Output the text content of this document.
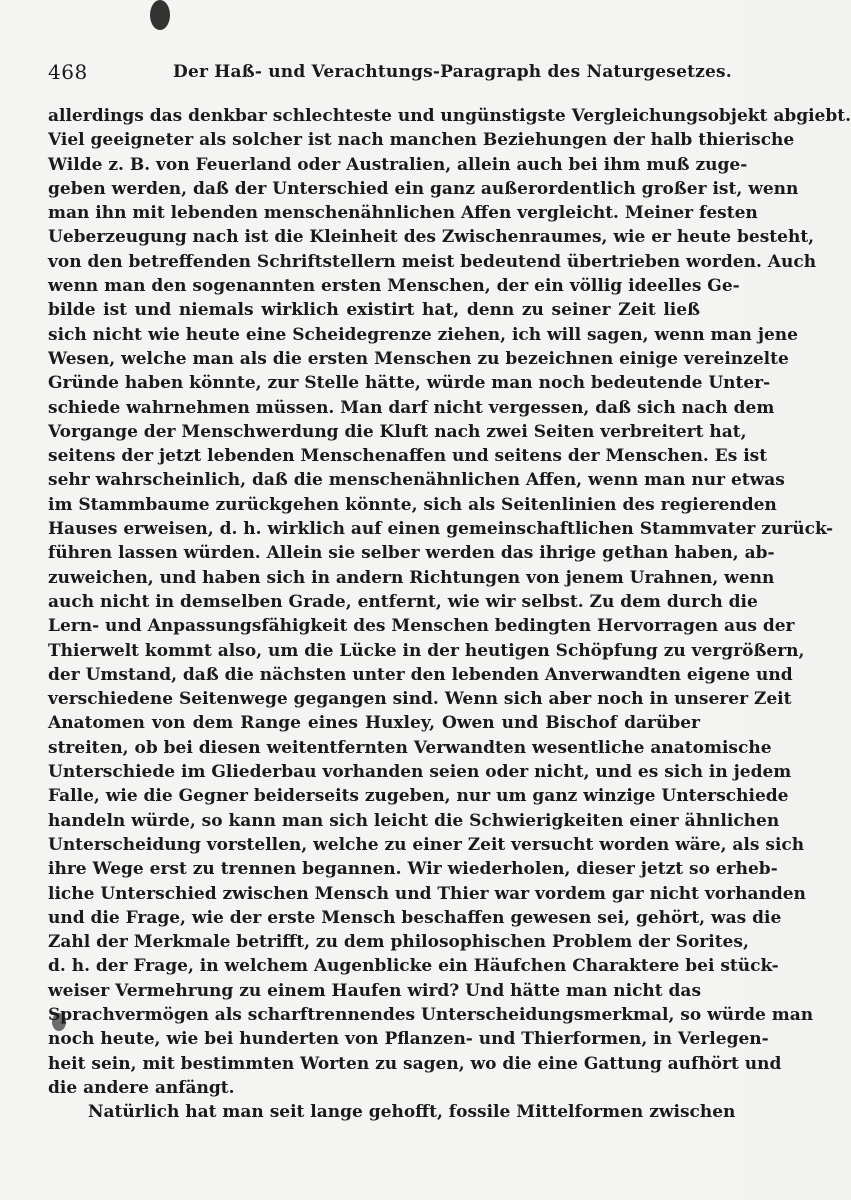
468	Der Haß- und Verachtungs-Paragraph des Naturgesetzes.
allerdings das denkbar schlechteste und ungünstigste Vergleichungsobjekt abgiebt.
Viel geeigneter als solcher ist nach manchen Beziehungen der halb thierische
Wilde z. B. von Feuerland oder Australien, allein auch bei ihm muß zuge-
geben werden, daß der Unterschied ein ganz außerordentlich großer ist, wenn
man ihn mit lebenden menschenähnlichen Affen vergleicht. Meiner festen
Ueberzeugung nach ist die Kleinheit des Zwischenraumes, wie er heute besteht,
von den betreffenden Schriftstellern meist bedeutend übertrieben worden. Auch
wenn man den sogenannten ersten Menschen, der ein völlig ideelles Ge-
bilde ist und niemals wirklich existirt hat, denn zu seiner Zeit ließ
sich nicht wie heute eine Scheidegrenze ziehen, ich will sagen, wenn man jene
Wesen, welche man als die ersten Menschen zu bezeichnen einige vereinzelte
Gründe haben könnte, zur Stelle hätte, würde man noch bedeutende Unter-
schiede wahrnehmen müssen. Man darf nicht vergessen, daß sich nach dem
Vorgange der Menschwerdung die Kluft nach zwei Seiten verbreitert hat,
seitens der jetzt lebenden Menschenaffen und seitens der Menschen. Es ist
sehr wahrscheinlich, daß die menschenähnlichen Affen, wenn man nur etwas
im Stammbaume zurückgehen könnte, sich als Seitenlinien des regierenden
Hauses erweisen, d. h. wirklich auf einen gemeinschaftlichen Stammvater zurück-
führen lassen würden. Allein sie selber werden das ihrige gethan haben, ab-
zuweichen, und haben sich in andern Richtungen von jenem Urahnen, wenn
auch nicht in demselben Grade, entfernt, wie wir selbst. Zu dem durch die
Lern- und Anpassungsfähigkeit des Menschen bedingten Hervorragen aus der
Thierwelt kommt also, um die Lücke in der heutigen Schöpfung zu vergrößern,
der Umstand, daß die nächsten unter den lebenden Anverwandten eigene und
verschiedene Seitenwege gegangen sind. Wenn sich aber noch in unserer Zeit
Anatomen von dem Range eines Huxley, Owen und Bischof darüber
streiten, ob bei diesen weitentfernten Verwandten wesentliche anatomische
Unterschiede im Gliederbau vorhanden seien oder nicht, und es sich in jedem
Falle, wie die Gegner beiderseits zugeben, nur um ganz winzige Unterschiede
handeln würde, so kann man sich leicht die Schwierigkeiten einer ähnlichen
Unterscheidung vorstellen, welche zu einer Zeit versucht worden wäre, als sich
ihre Wege erst zu trennen begannen. Wir wiederholen, dieser jetzt so erheb-
liche Unterschied zwischen Mensch und Thier war vordem gar nicht vorhanden
und die Frage, wie der erste Mensch beschaffen gewesen sei, gehört, was die
Zahl der Merkmale betrifft, zu dem philosophischen Problem der Sorites,
d. h. der Frage, in welchem Augenblicke ein Häufchen Charaktere bei stück-
weiser Vermehrung zu einem Haufen wird? Und hätte man nicht das
Sprachvermögen als scharftrennendes Unterscheidungsmerkmal, so würde man
noch heute, wie bei hunderten von Pflanzen- und Thierformen, in Verlegen-
heit sein, mit bestimmten Worten zu sagen, wo die eine Gattung aufhört und
die andere anfängt.
Natürlich hat man seit lange gehofft, fossile Mittelformen zwischen
